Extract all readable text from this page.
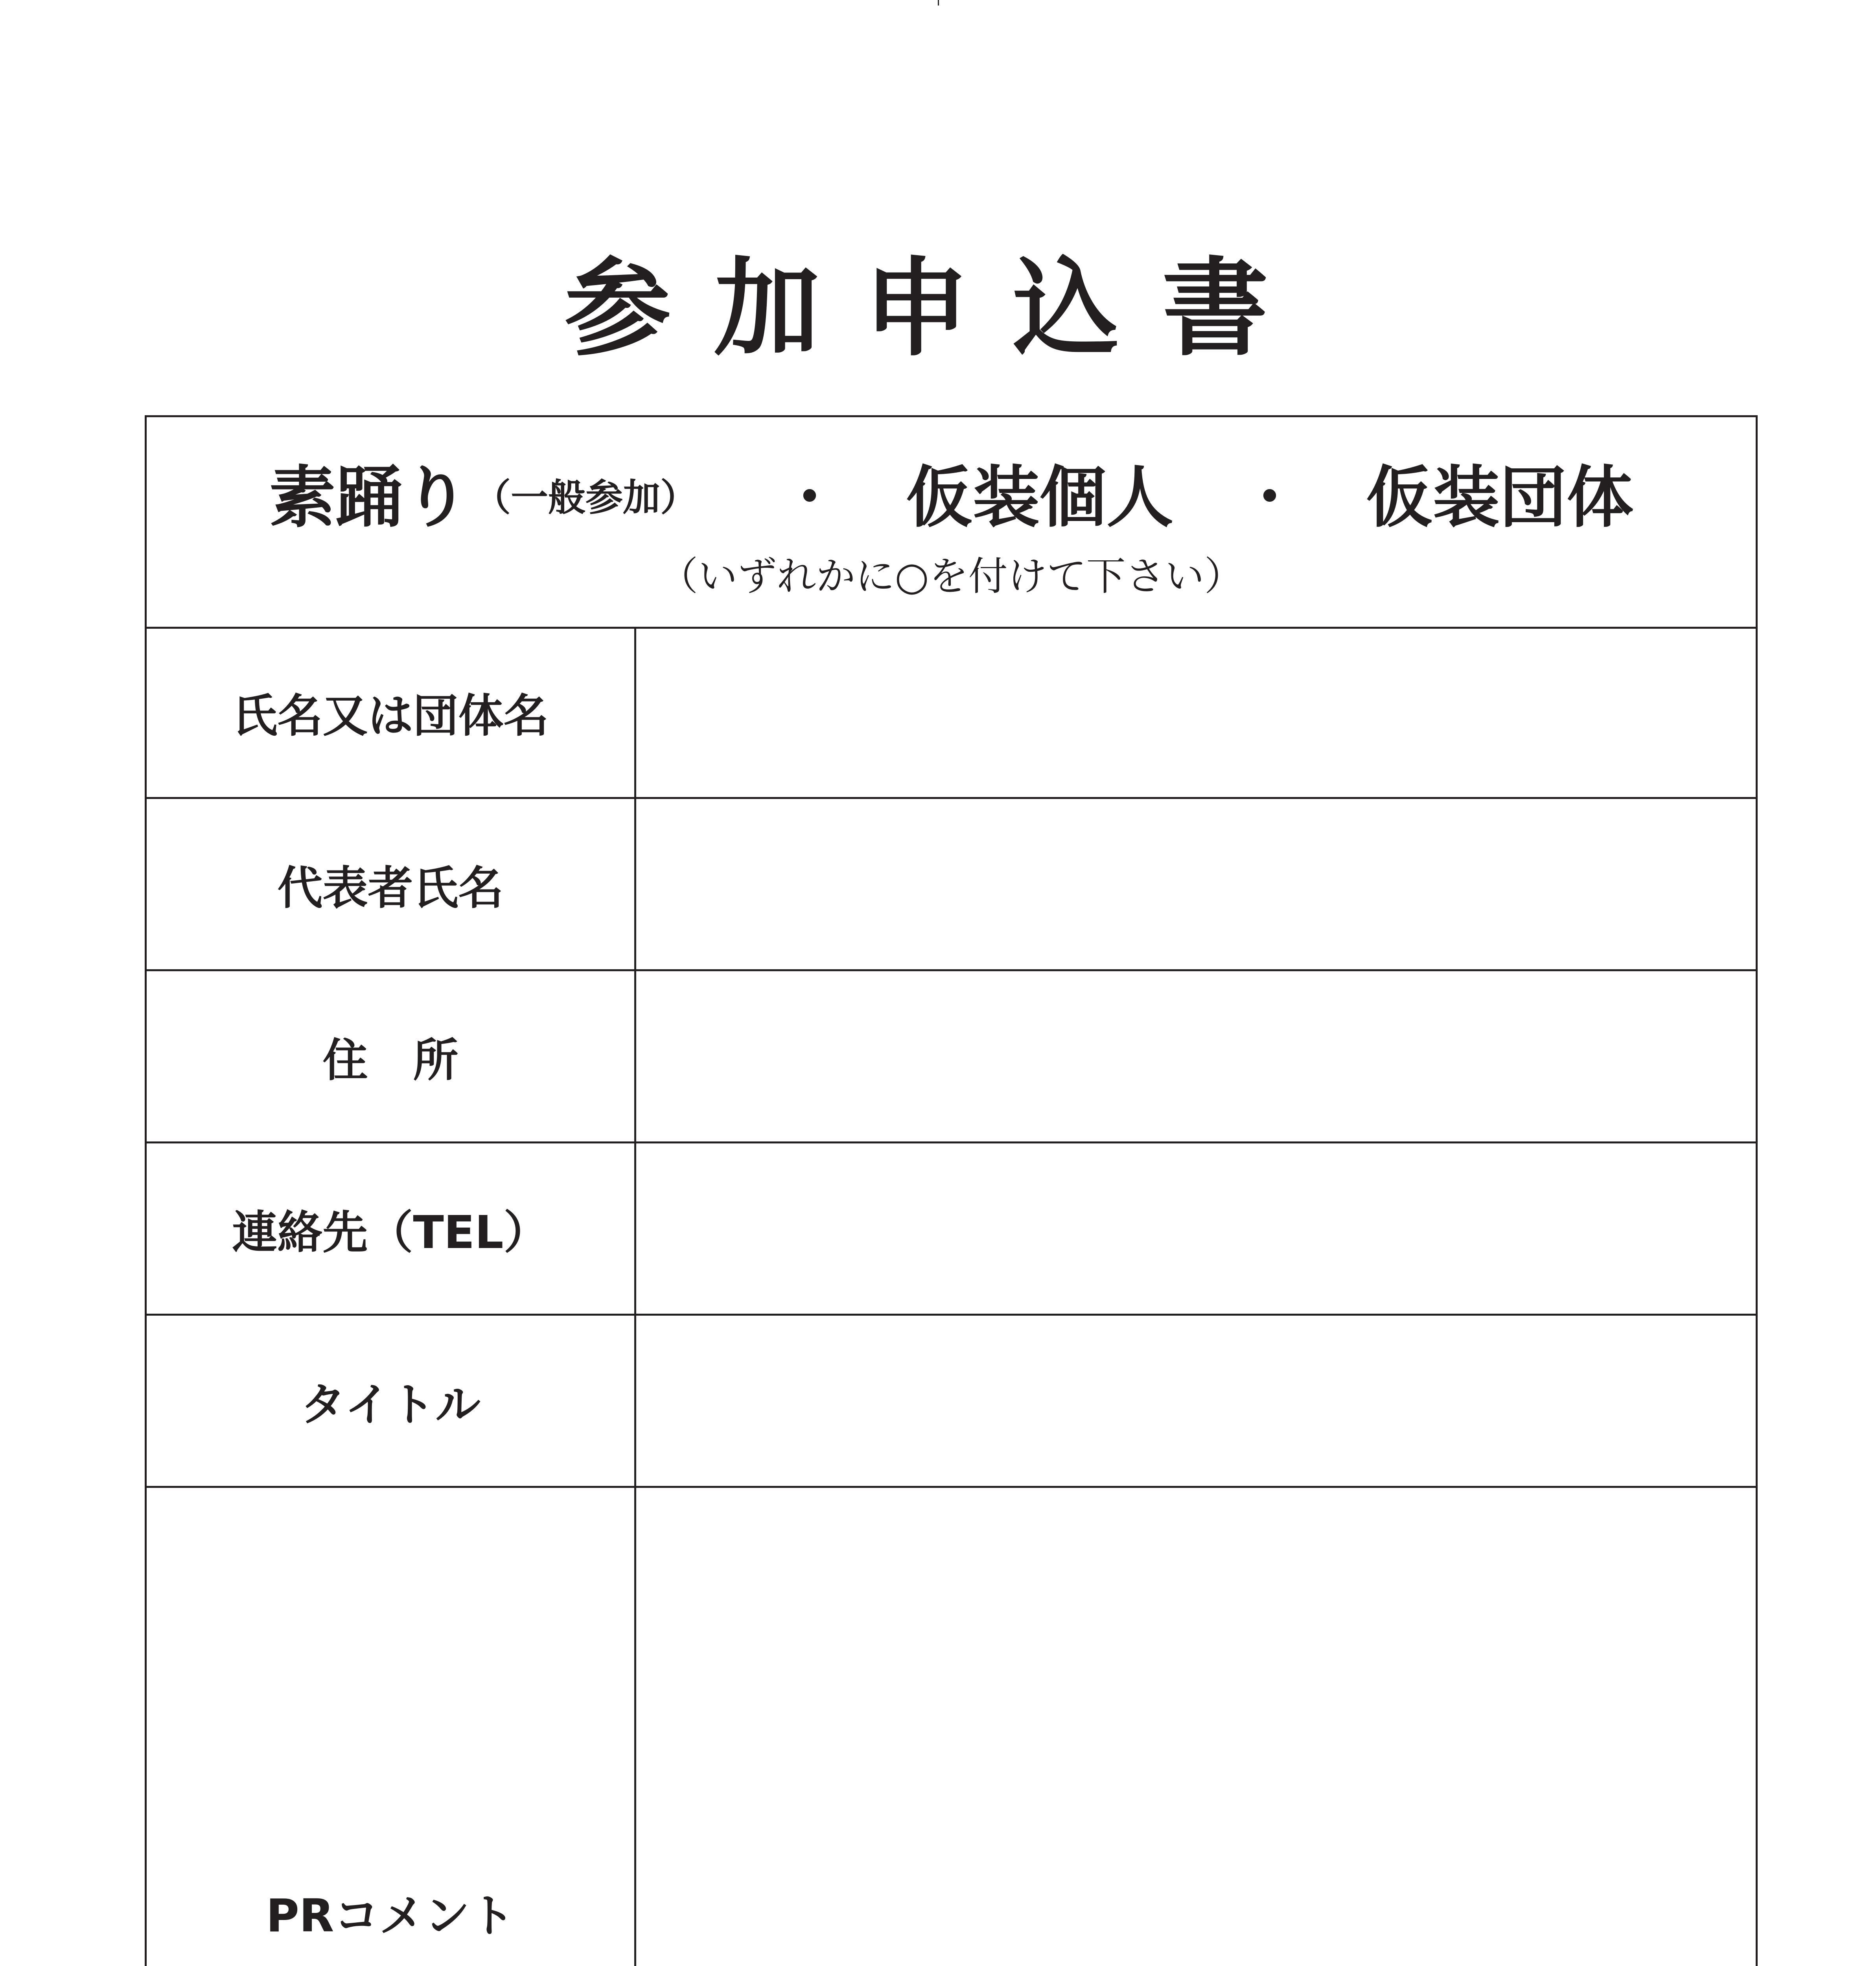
参加申込書
素踊り （一般参加） ・ 仮装個人 ・ 仮装団体
（いずれかに○を付けて下さい）
氏名又は団体名
代表者氏名
住　所
連絡先（TEL）
タイトル
PRコメント
